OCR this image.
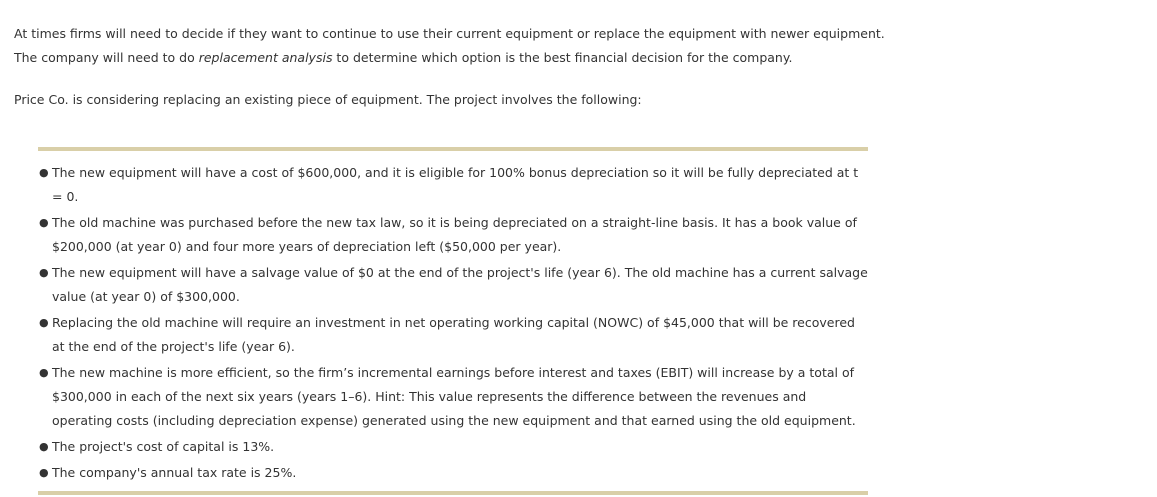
At times firms will need to decide if they want to continue to use their current equipment or replace the equipment with newer equipment. The company will need to do replacement analysis to determine which option is the best financial decision for the company.

Price Co. is considering replacing an existing piece of equipment. The project involves the following:

● The new equipment will have a cost of $600,000, and it is eligible for 100% bonus depreciation so it will be fully depreciated at t = 0.
● The old machine was purchased before the new tax law, so it is being depreciated on a straight-line basis. It has a book value of $200,000 (at year 0) and four more years of depreciation left ($50,000 per year).
● The new equipment will have a salvage value of $0 at the end of the project's life (year 6). The old machine has a current salvage value (at year 0) of $300,000.
● Replacing the old machine will require an investment in net operating working capital (NOWC) of $45,000 that will be recovered at the end of the project's life (year 6).
● The new machine is more efficient, so the firm’s incremental earnings before interest and taxes (EBIT) will increase by a total of $300,000 in each of the next six years (years 1–6). Hint: This value represents the difference between the revenues and operating costs (including depreciation expense) generated using the new equipment and that earned using the old equipment.
● The project's cost of capital is 13%.
● The company's annual tax rate is 25%.
